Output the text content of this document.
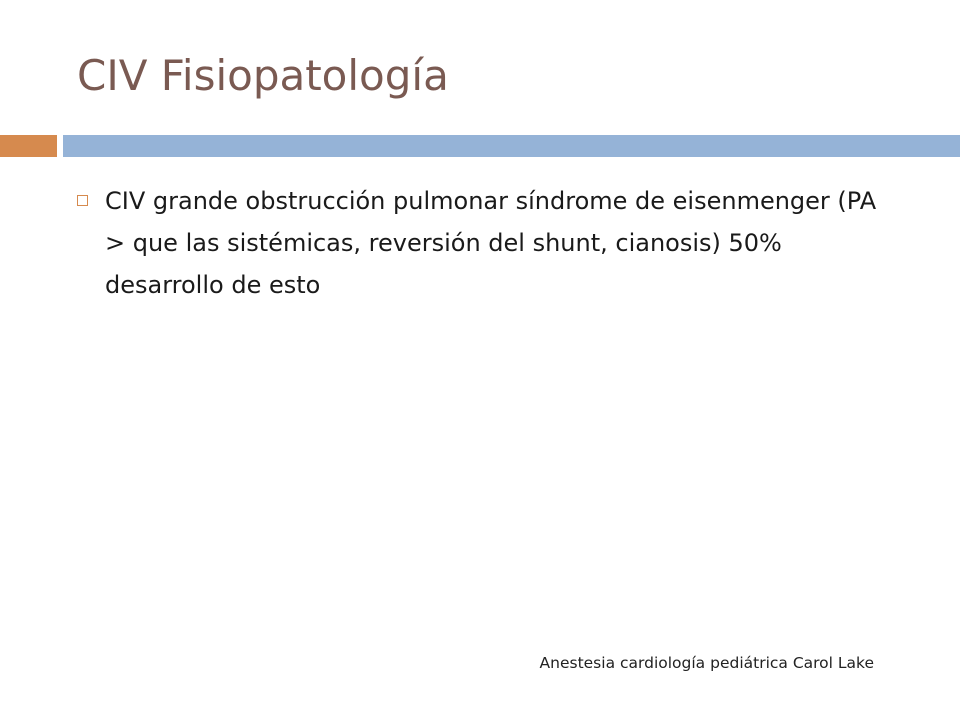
CIV Fisiopatología
CIV grande obstrucción pulmonar síndrome de eisenmenger (PA > que las sistémicas, reversión del shunt, cianosis) 50% desarrollo de esto
Anestesia cardiología pediátrica Carol Lake
